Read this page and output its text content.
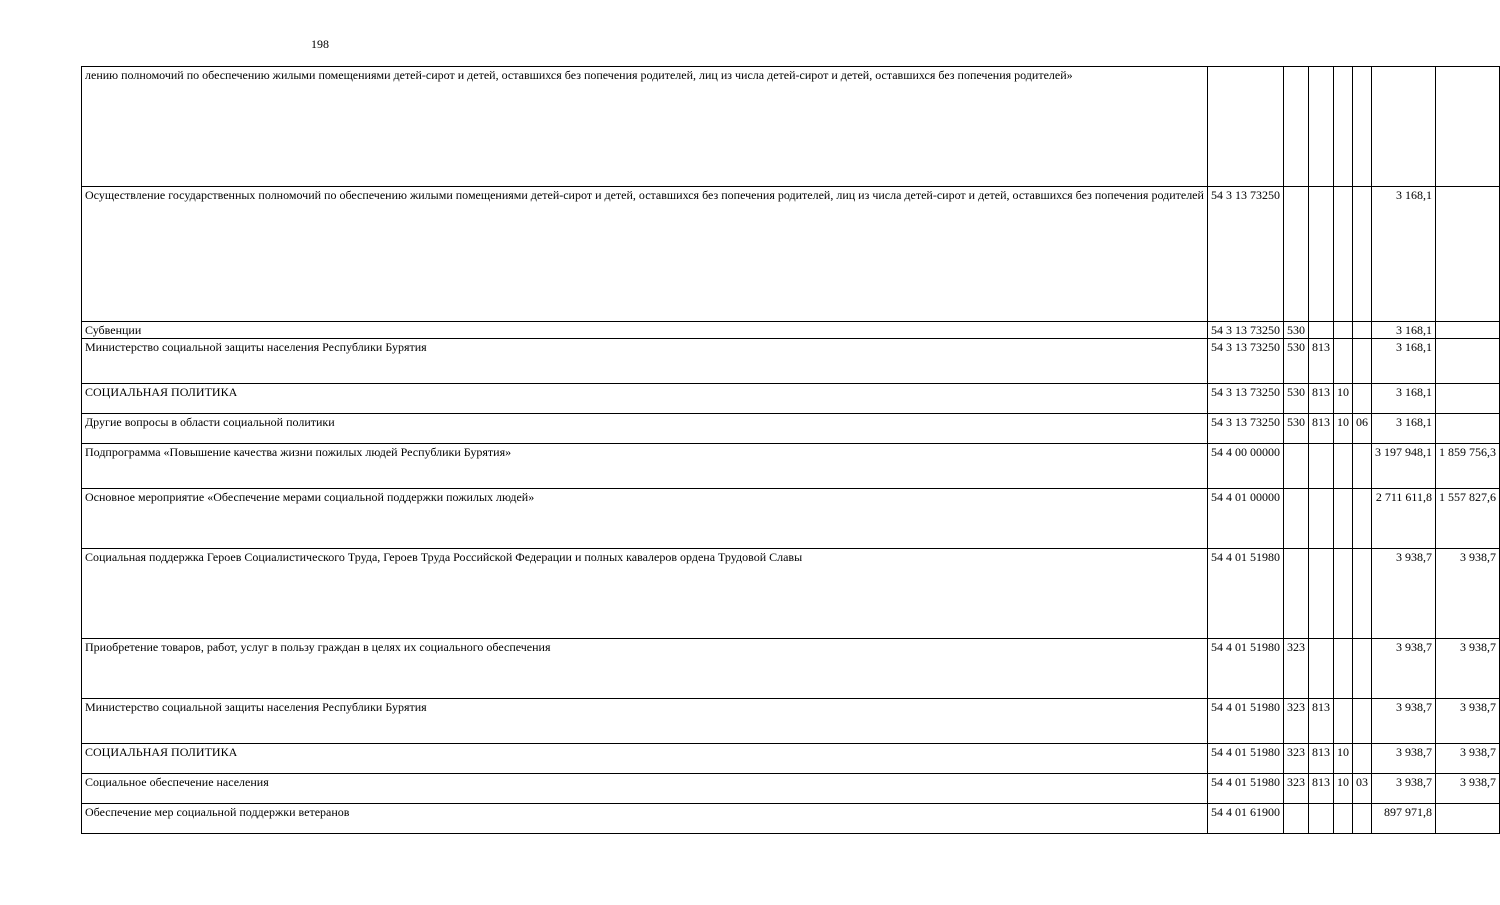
198
лению полномочий по обеспечению жилыми помещениями детей-сирот и детей, оставшихся без попечения родителей, лиц из числа детей-сирот и детей, оставшихся без попечения родителей»							
Осуществление государственных полномочий по обеспечению жилыми помещениями детей-сирот и детей, оставшихся без попечения родителей, лиц из числа детей-сирот и детей, оставшихся без попечения родителей	54 3 13 73250					3 168,1	
Субвенции	54 3 13 73250	530				3 168,1	
Министерство социальной защиты населения Республики Бурятия	54 3 13 73250	530	813			3 168,1	
СОЦИАЛЬНАЯ ПОЛИТИКА	54 3 13 73250	530	813	10		3 168,1	
Другие вопросы в области социальной политики	54 3 13 73250	530	813	10	06	3 168,1	
Подпрограмма «Повышение качества жизни пожилых людей Республики Бурятия»	54 4 00 00000					3 197 948,1	1 859 756,3
Основное мероприятие «Обеспечение мерами социальной поддержки пожилых людей»	54 4 01 00000					2 711 611,8	1 557 827,6
Социальная поддержка Героев Социалистического Труда, Героев Труда Российской Федерации и полных кавалеров ордена Трудовой Славы	54 4 01 51980					3 938,7	3 938,7
Приобретение товаров, работ, услуг в пользу граждан в целях их социального обеспечения	54 4 01 51980	323				3 938,7	3 938,7
Министерство социальной защиты населения Республики Бурятия	54 4 01 51980	323	813			3 938,7	3 938,7
СОЦИАЛЬНАЯ ПОЛИТИКА	54 4 01 51980	323	813	10		3 938,7	3 938,7
Социальное обеспечение населения	54 4 01 51980	323	813	10	03	3 938,7	3 938,7
Обеспечение мер социальной поддержки ветеранов	54 4 01 61900					897 971,8	
